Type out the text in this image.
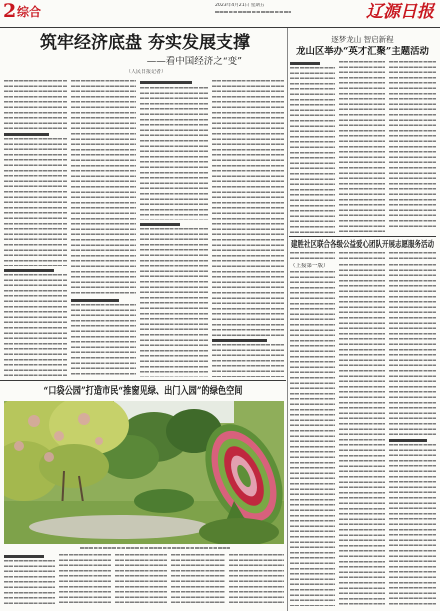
2 综合	2023年4月21日 星期五	辽源日报
筑牢经济底盘 夯实发展支撑
——看中国经济之“变”
（人民日报记者）
“口袋公园”打造市民“推窗见绿、出门入园”的绿色空间
逐梦龙山 智启新程
龙山区举办“英才汇聚”主题活动
建胜社区联合各级公益爱心团队开展志愿服务活动
（上接第一版）
